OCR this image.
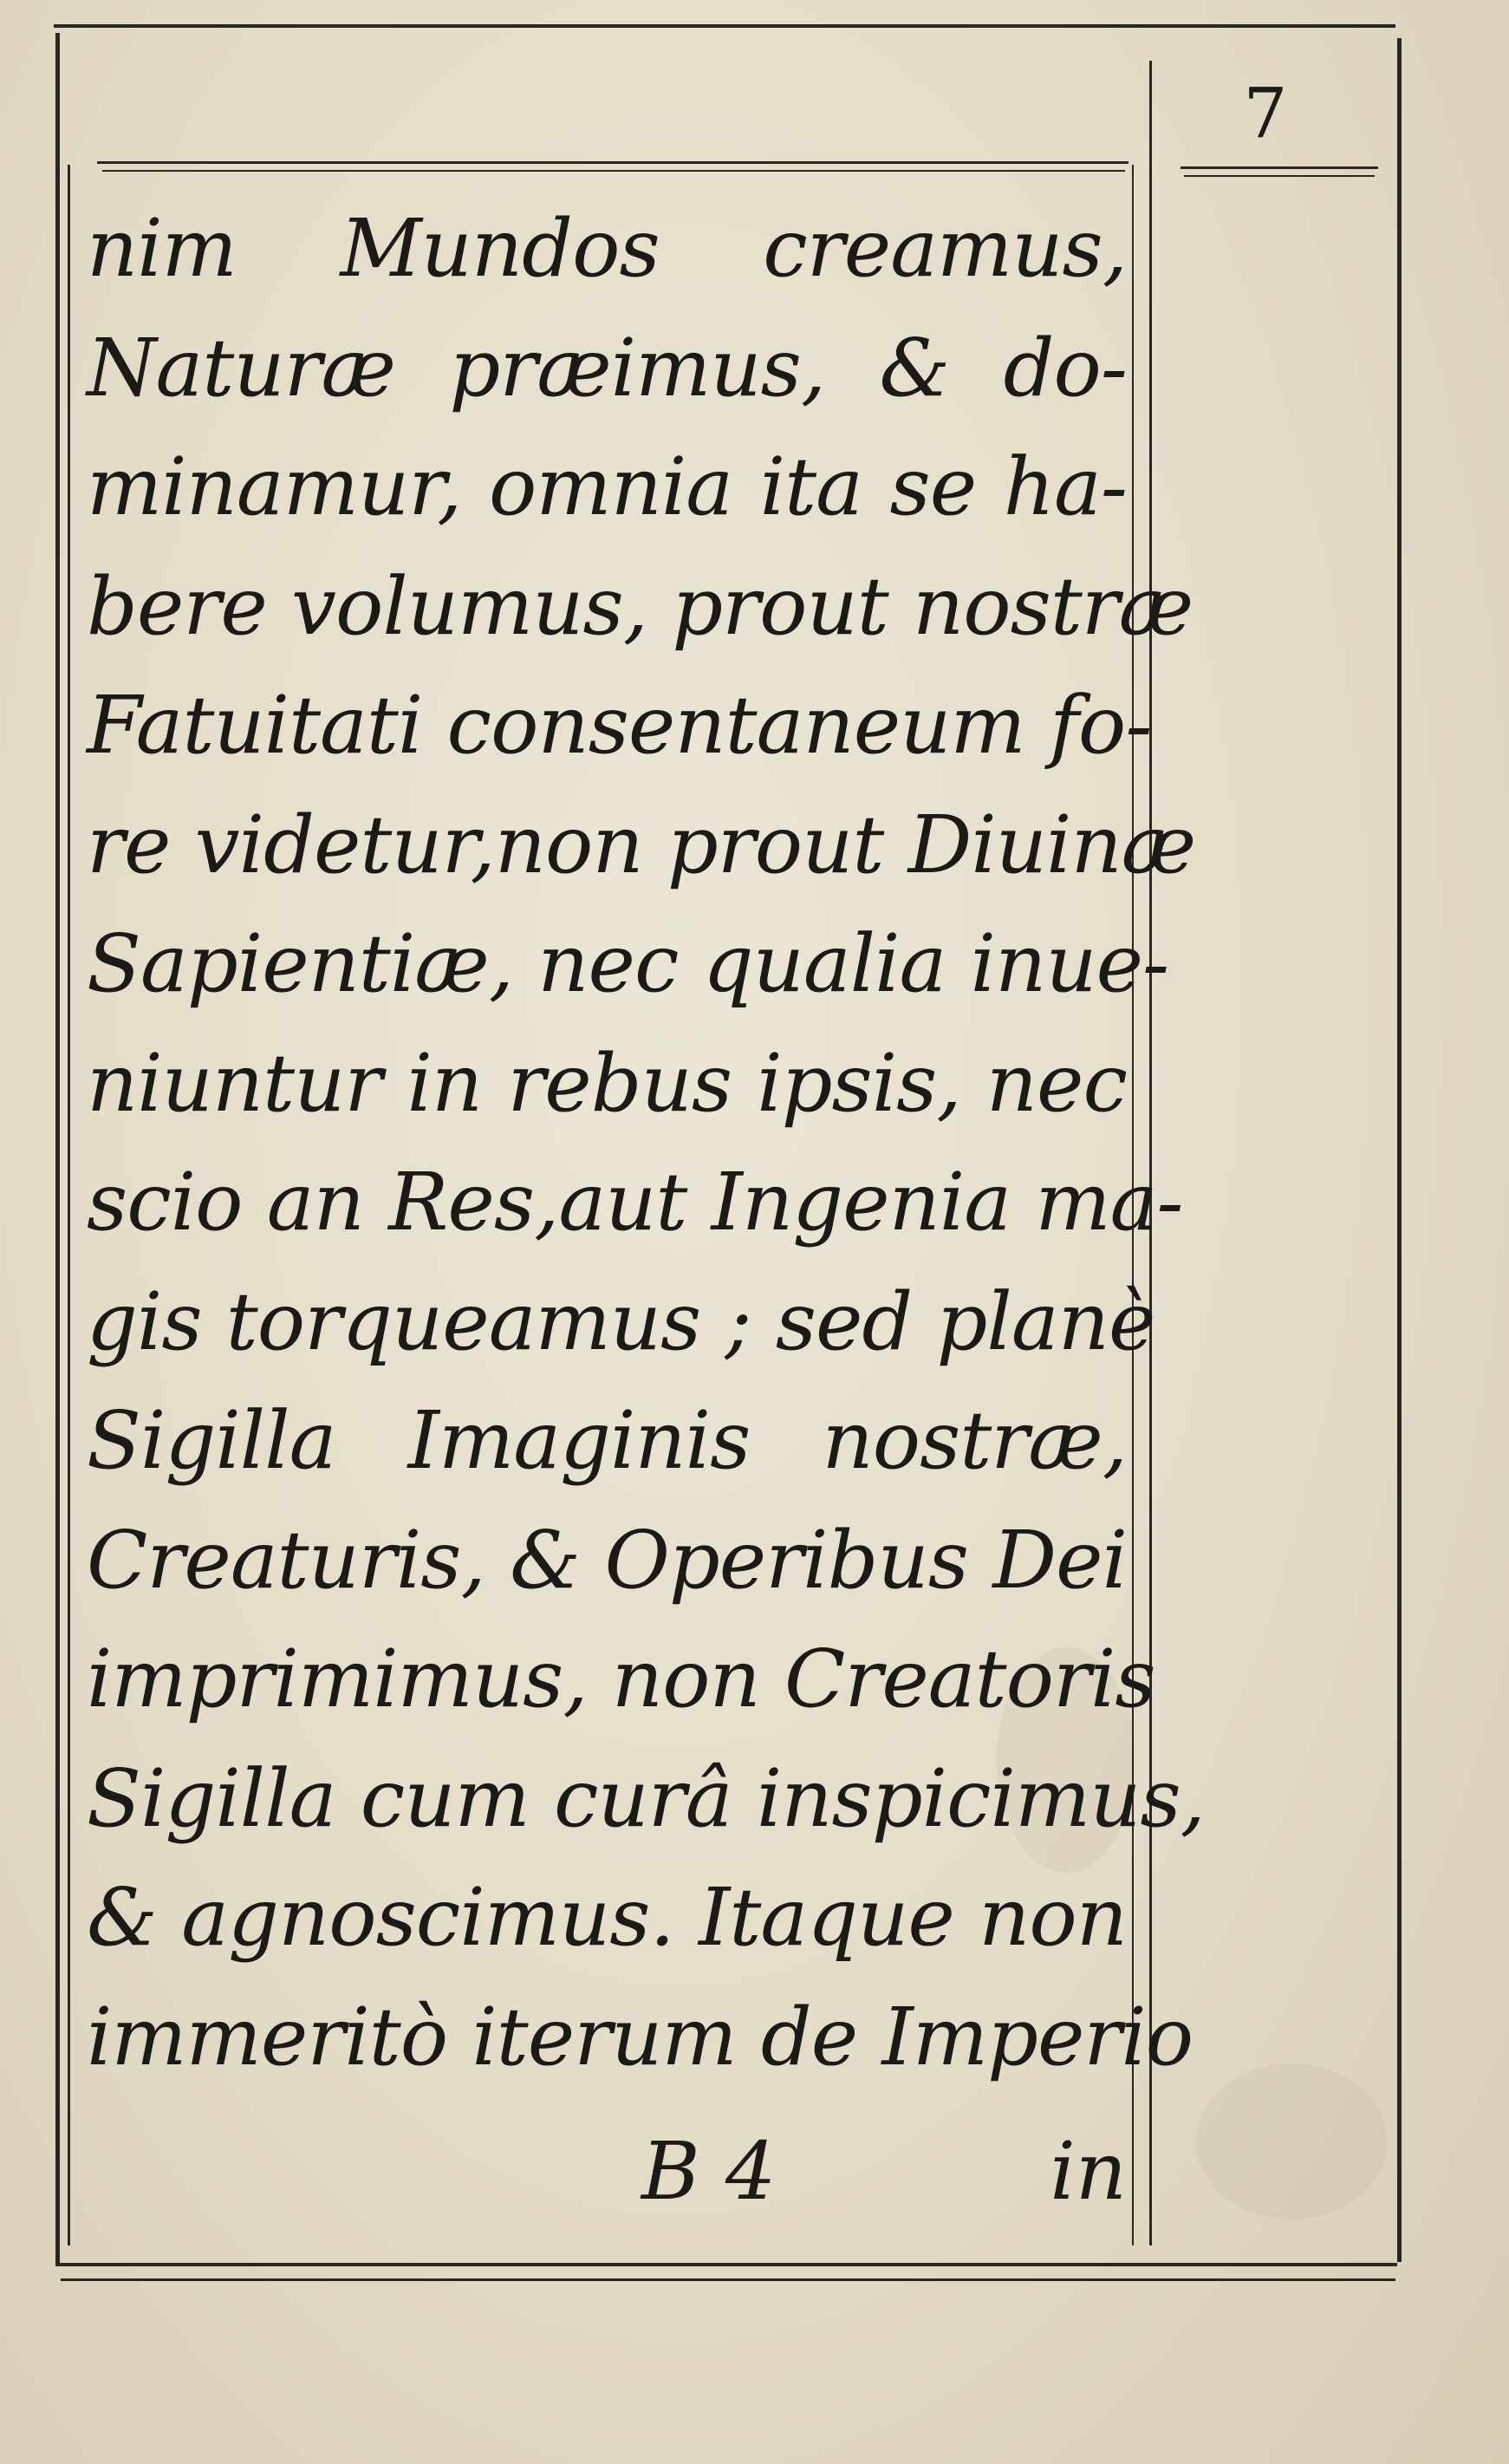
7
nim Mundos creamus,
Naturæ præimus, & do-
minamur, omnia ita se ha-
bere volumus, prout nostræ
Fatuitati consentaneum fo-
re videtur,non prout Diuinæ
Sapientiæ, nec qualia inue-
niuntur in rebus ipsis, nec
scio an Res,aut Ingenia ma-
gis torqueamus ; sed planè
Sigilla Imaginis nostræ,
Creaturis, & Operibus Dei
imprimimus, non Creatoris
Sigilla cum curâ inspicimus,
& agnoscimus. Itaque non
immeritò iterum de Imperio
B 4	in
